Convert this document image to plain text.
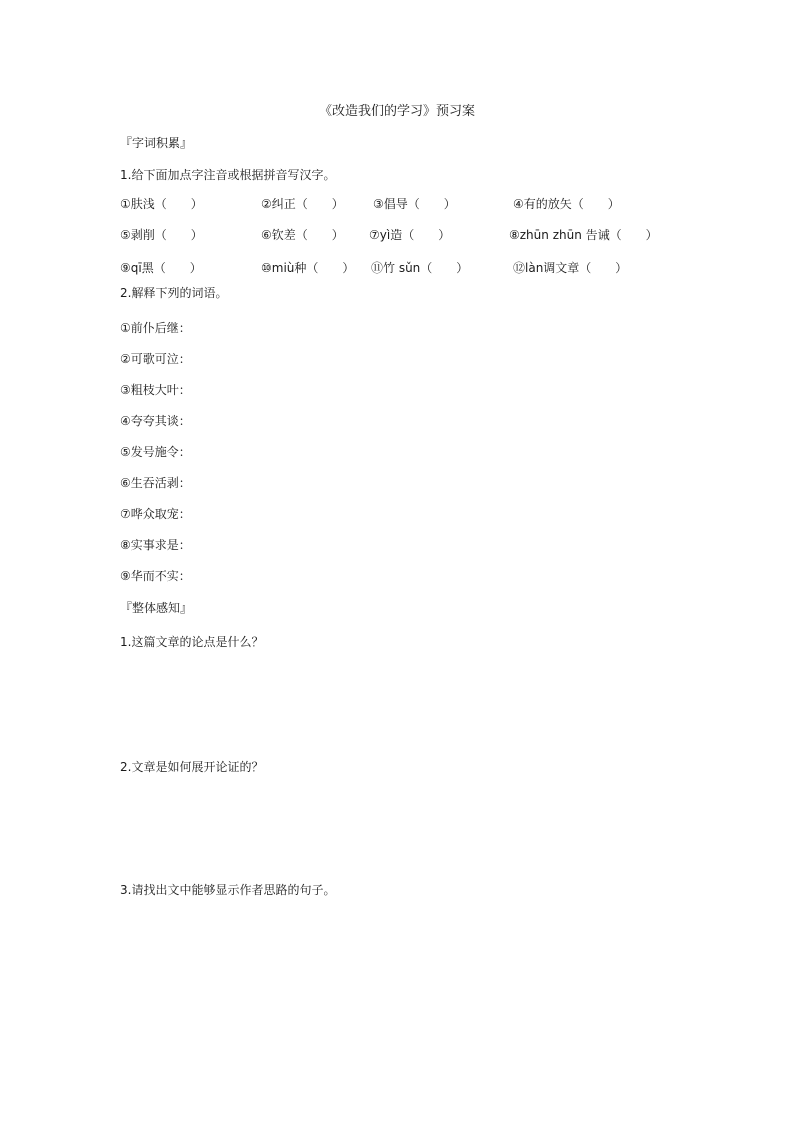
《改造我们的学习》预习案
『字词积累』
1.给下面加点字注音或根据拼音写汉字。
①肤浅（　　）	②纠正（　　） ③倡导（　　）	④有的放矢（　　）
⑤剥削（　　）	⑥钦差（　　） ⑦yì造（　　）	⑧zhūn zhūn 告诫（　　）
⑨qī黑（　　）	⑩miù种（　　） ⑪竹 sǔn（　　）	⑫làn调文章（　　）
2.解释下列的词语。
①前仆后继：
②可歌可泣：
③粗枝大叶：
④夸夸其谈：
⑤发号施令：
⑥生吞活剥：
⑦哗众取宠：
⑧实事求是：
⑨华而不实：
『整体感知』
1.这篇文章的论点是什么？
2.文章是如何展开论证的？
3.请找出文中能够显示作者思路的句子。
